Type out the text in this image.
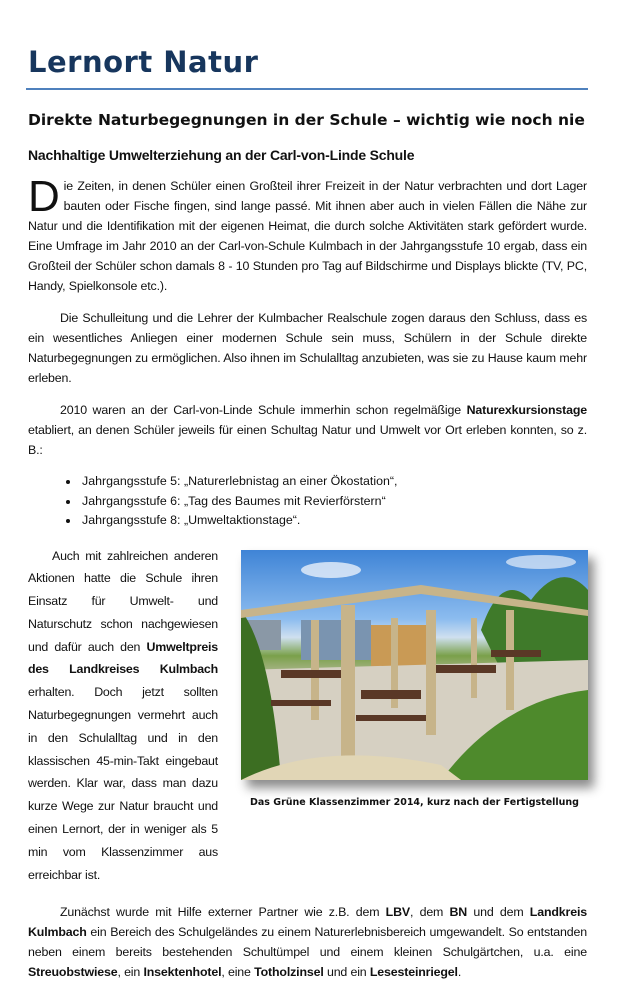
Lernort Natur
Direkte Naturbegegnungen in der Schule – wichtig wie noch nie
Nachhaltige Umwelterziehung an der Carl-von-Linde Schule

Die Zeiten, in denen Schüler einen Großteil ihrer Freizeit in der Natur verbrachten und dort Lager bauten oder Fische fingen, sind lange passé. Mit ihnen aber auch in vielen Fällen die Nähe zur Natur und die Identifikation mit der eigenen Heimat, die durch solche Aktivitäten stark gefördert wurde. Eine Umfrage im Jahr 2010 an der Carl-von-Schule Kulmbach in der Jahrgangsstufe 10 ergab, dass ein Großteil der Schüler schon damals 8 - 10 Stunden pro Tag auf Bildschirme und Displays blickte (TV, PC, Handy, Spielkonsole etc.).

Die Schulleitung und die Lehrer der Kulmbacher Realschule zogen daraus den Schluss, dass es ein wesentliches Anliegen einer modernen Schule sein muss, Schülern in der Schule direkte Naturbegegnungen zu ermöglichen. Also ihnen im Schulalltag anzubieten, was sie zu Hause kaum mehr erleben.

2010 waren an der Carl-von-Linde Schule immerhin schon regelmäßige Naturexkursionstage etabliert, an denen Schüler jeweils für einen Schultag Natur und Umwelt vor Ort erleben konnten, so z. B.:

• Jahrgangsstufe 5: „Naturerlebnistag an einer Ökostation“,
• Jahrgangsstufe 6: „Tag des Baumes mit Revierförstern“
• Jahrgangsstufe 8: „Umweltaktionstage“.

Auch mit zahlreichen anderen Aktionen hatte die Schule ihren Einsatz für Umwelt- und Naturschutz schon nachgewiesen und dafür auch den Umweltpreis des Landkreises Kulmbach erhalten. Doch jetzt sollten Naturbegegnungen vermehrt auch in den Schulalltag und in den klassischen 45-min-Takt eingebaut werden. Klar war, dass man dazu kurze Wege zur Natur braucht und einen Lernort, der in weniger als 5 min vom Klassenzimmer aus erreichbar ist.

Das Grüne Klassenzimmer 2014, kurz nach der Fertigstellung

Zunächst wurde mit Hilfe externer Partner wie z.B. dem LBV, dem BN und dem Landkreis Kulmbach ein Bereich des Schulgeländes zu einem Naturerlebnisbereich umgewandelt. So entstanden neben einem bereits bestehenden Schultümpel und einem kleinen Schulgärtchen, u.a. eine Streuobstwiese, ein Insektenhotel, eine Totholzinsel und ein Lesesteinriegel.
